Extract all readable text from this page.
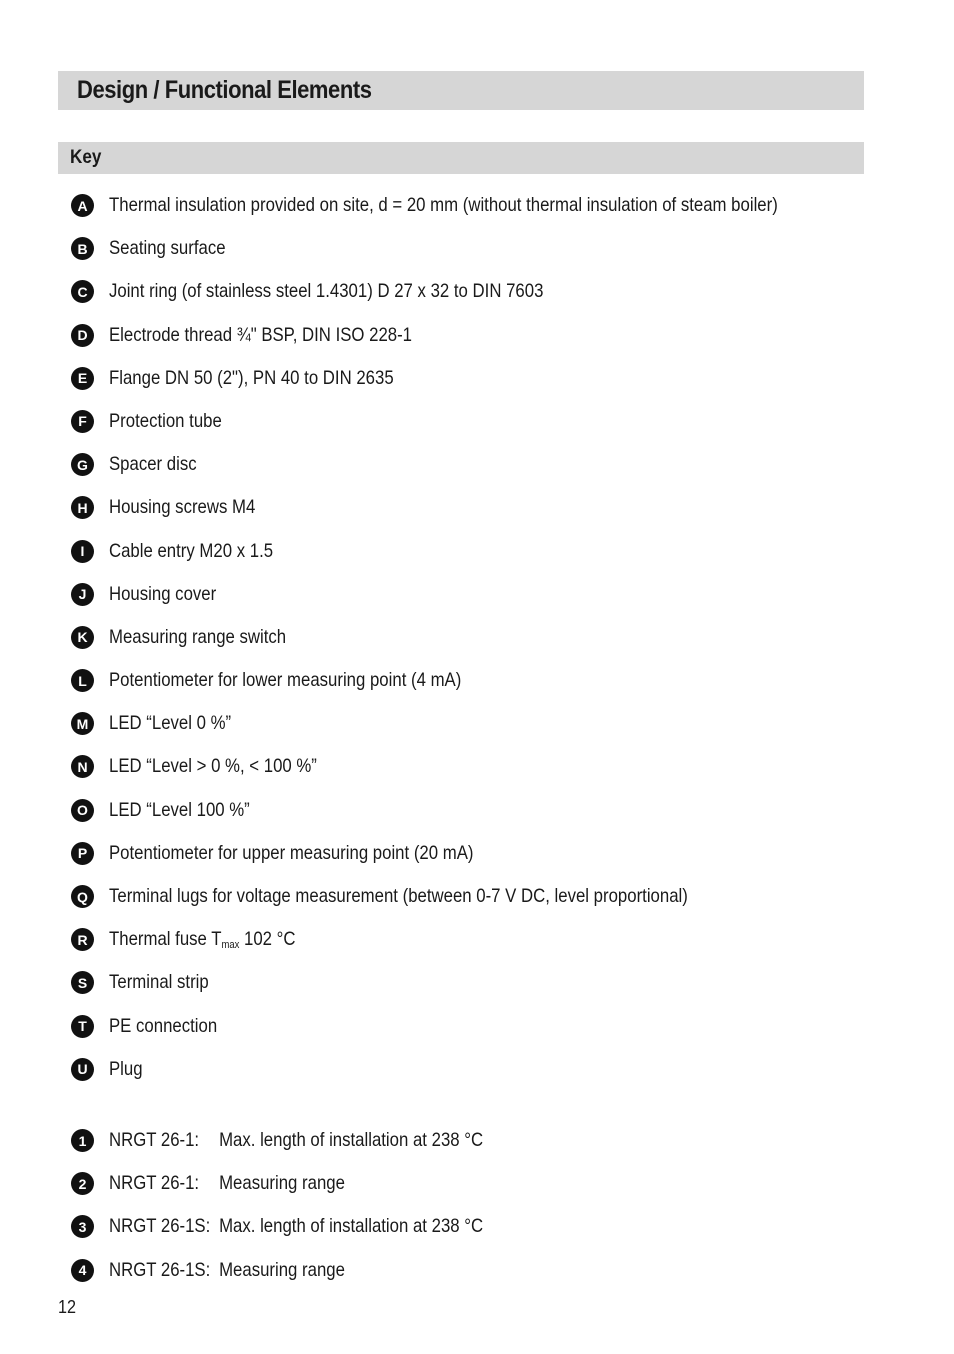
Design / Functional Elements
Key
A	Thermal insulation provided on site, d = 20 mm (without thermal insulation of steam boiler)
B	Seating surface
C	Joint ring (of stainless steel 1.4301) D 27 x 32 to DIN 7603
D	Electrode thread ¾" BSP, DIN ISO 228-1
E	Flange DN 50 (2"), PN 40 to DIN 2635
F	Protection tube
G	Spacer disc
H	Housing screws M4
I	Cable entry M20 x 1.5
J	Housing cover
K	Measuring range switch
L	Potentiometer for lower measuring point (4 mA)
M LED “Level 0 %”
N	LED “Level > 0 %, < 100 %”
O	LED “Level 100 %”
P	Potentiometer for upper measuring point (20 mA)
Q	Terminal lugs for voltage measurement (between 0-7 V DC, level proportional)
R	Thermal fuse $T_{max}$ 102 °C
S	Terminal strip
T	PE connection
U	Plug
1	NRGT 26-1: Max. length of installation at 238 °C
2	NRGT 26-1: Measuring range
3	NRGT 26-1S: Max. length of installation at 238 °C
4	NRGT 26-1S: Measuring range
12
